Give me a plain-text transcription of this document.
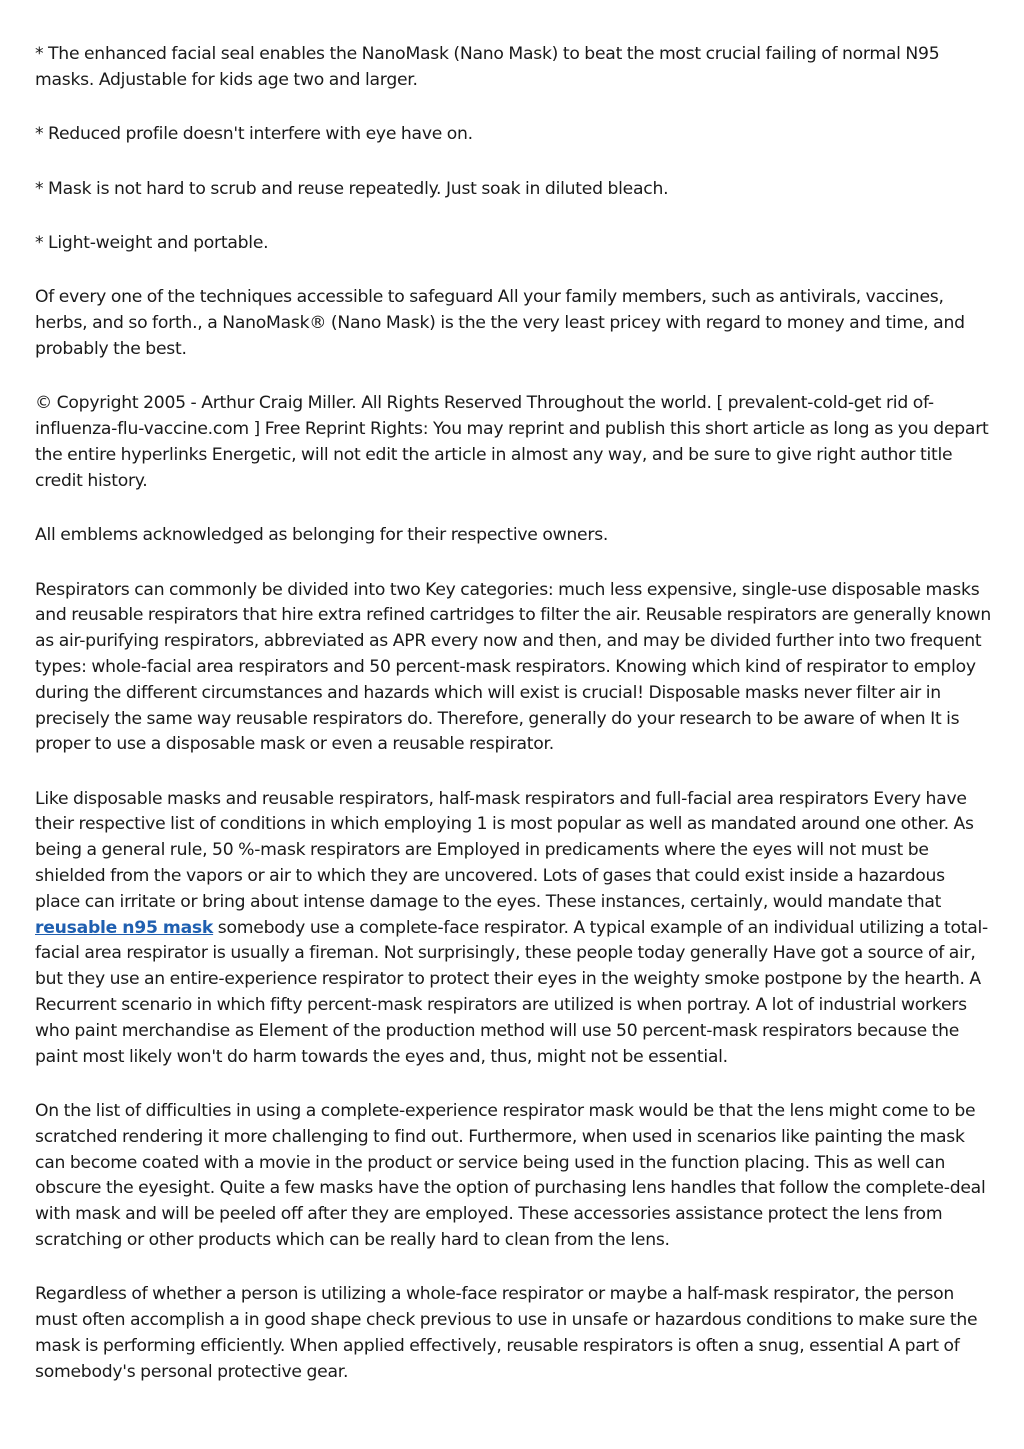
* The enhanced facial seal enables the NanoMask (Nano Mask) to beat the most crucial failing of normal N95 masks. Adjustable for kids age two and larger.

* Reduced profile doesn't interfere with eye have on.

* Mask is not hard to scrub and reuse repeatedly. Just soak in diluted bleach.

* Light-weight and portable.

Of every one of the techniques accessible to safeguard All your family members, such as antivirals, vaccines, herbs, and so forth., a NanoMask® (Nano Mask) is the the very least pricey with regard to money and time, and probably the best.

© Copyright 2005 - Arthur Craig Miller. All Rights Reserved Throughout the world. [ prevalent-cold-get rid of-influenza-flu-vaccine.com ] Free Reprint Rights: You may reprint and publish this short article as long as you depart the entire hyperlinks Energetic, will not edit the article in almost any way, and be sure to give right author title credit history.

All emblems acknowledged as belonging for their respective owners.

Respirators can commonly be divided into two Key categories: much less expensive, single-use disposable masks and reusable respirators that hire extra refined cartridges to filter the air. Reusable respirators are generally known as air-purifying respirators, abbreviated as APR every now and then, and may be divided further into two frequent types: whole-facial area respirators and 50 percent-mask respirators. Knowing which kind of respirator to employ during the different circumstances and hazards which will exist is crucial! Disposable masks never filter air in precisely the same way reusable respirators do. Therefore, generally do your research to be aware of when It is proper to use a disposable mask or even a reusable respirator.

Like disposable masks and reusable respirators, half-mask respirators and full-facial area respirators Every have their respective list of conditions in which employing 1 is most popular as well as mandated around one other. As being a general rule, 50 %-mask respirators are Employed in predicaments where the eyes will not must be shielded from the vapors or air to which they are uncovered. Lots of gases that could exist inside a hazardous place can irritate or bring about intense damage to the eyes. These instances, certainly, would mandate that reusable n95 mask somebody use a complete-face respirator. A typical example of an individual utilizing a total-facial area respirator is usually a fireman. Not surprisingly, these people today generally Have got a source of air, but they use an entire-experience respirator to protect their eyes in the weighty smoke postpone by the hearth. A Recurrent scenario in which fifty percent-mask respirators are utilized is when portray. A lot of industrial workers who paint merchandise as Element of the production method will use 50 percent-mask respirators because the paint most likely won't do harm towards the eyes and, thus, might not be essential.

On the list of difficulties in using a complete-experience respirator mask would be that the lens might come to be scratched rendering it more challenging to find out. Furthermore, when used in scenarios like painting the mask can become coated with a movie in the product or service being used in the function placing. This as well can obscure the eyesight. Quite a few masks have the option of purchasing lens handles that follow the complete-deal with mask and will be peeled off after they are employed. These accessories assistance protect the lens from scratching or other products which can be really hard to clean from the lens.

Regardless of whether a person is utilizing a whole-face respirator or maybe a half-mask respirator, the person must often accomplish a in good shape check previous to use in unsafe or hazardous conditions to make sure the mask is performing efficiently. When applied effectively, reusable respirators is often a snug, essential A part of somebody's personal protective gear.
